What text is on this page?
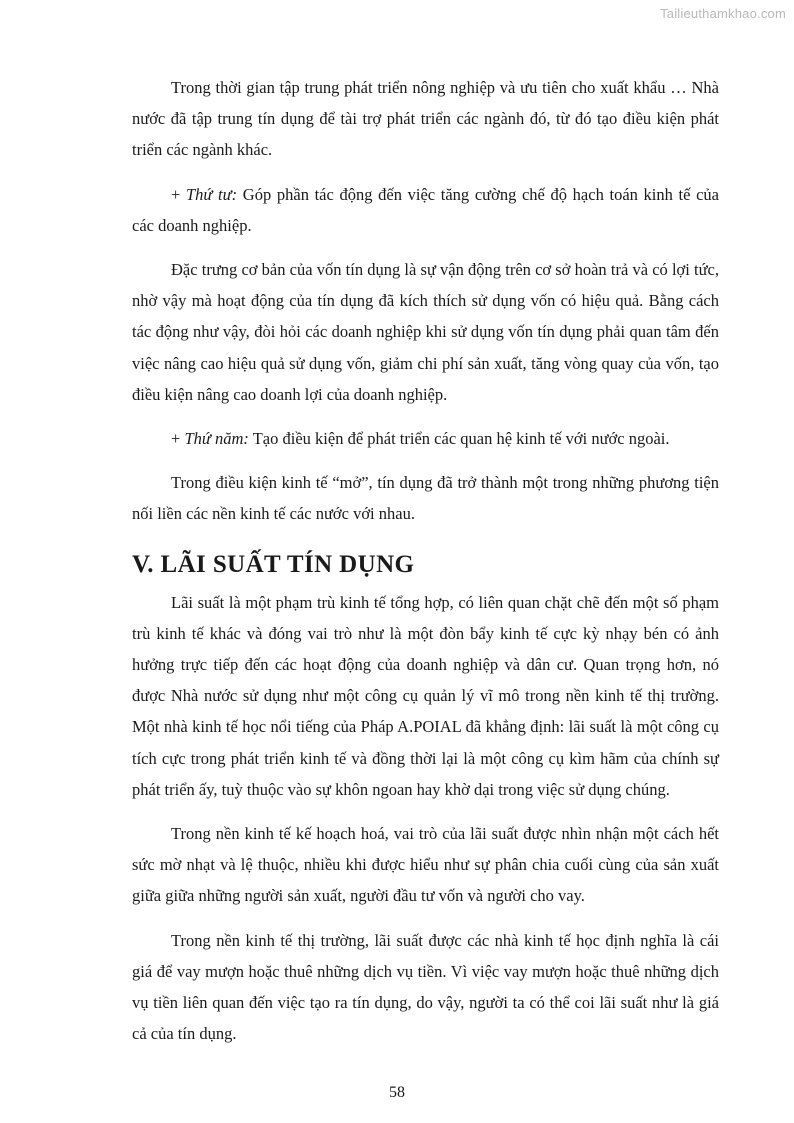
Tailieuthamkhao.com

Trong thời gian tập trung phát triển nông nghiệp và ưu tiên cho xuất khẩu … Nhà nước đã tập trung tín dụng để tài trợ phát triển các ngành đó, từ đó tạo điều kiện phát triển các ngành khác.

+ Thứ tư: Góp phần tác động đến việc tăng cường chế độ hạch toán kinh tế của các doanh nghiệp.

Đặc trưng cơ bản của vốn tín dụng là sự vận động trên cơ sở hoàn trả và có lợi tức, nhờ vậy mà hoạt động của tín dụng đã kích thích sử dụng vốn có hiệu quả. Bằng cách tác động như vậy, đòi hỏi các doanh nghiệp khi sử dụng vốn tín dụng phải quan tâm đến việc nâng cao hiệu quả sử dụng vốn, giảm chi phí sản xuất, tăng vòng quay của vốn, tạo điều kiện nâng cao doanh lợi của doanh nghiệp.

+ Thứ năm: Tạo điều kiện để phát triển các quan hệ kinh tế với nước ngoài.

Trong điều kiện kinh tế “mở”, tín dụng đã trở thành một trong những phương tiện nối liền các nền kinh tế các nước với nhau.

V. LÃI SUẤT TÍN DỤNG

Lãi suất là một phạm trù kinh tế tổng hợp, có liên quan chặt chẽ đến một số phạm trù kinh tế khác và đóng vai trò như là một đòn bẩy kinh tế cực kỳ nhạy bén có ảnh hưởng trực tiếp đến các hoạt động của doanh nghiệp và dân cư. Quan trọng hơn, nó được Nhà nước sử dụng như một công cụ quản lý vĩ mô trong nền kinh tế thị trường. Một nhà kinh tế học nổi tiếng của Pháp A.POIAL đã khẳng định: lãi suất là một công cụ tích cực trong phát triển kinh tế và đồng thời lại là một công cụ kìm hãm của chính sự phát triển ấy, tuỳ thuộc vào sự khôn ngoan hay khờ dại trong việc sử dụng chúng.

Trong nền kinh tế kế hoạch hoá, vai trò của lãi suất được nhìn nhận một cách hết sức mờ nhạt và lệ thuộc, nhiều khi được hiểu như sự phân chia cuối cùng của sản xuất giữa giữa những người sản xuất, người đầu tư vốn và người cho vay.

Trong nền kinh tế thị trường, lãi suất được các nhà kinh tế học định nghĩa là cái giá để vay mượn hoặc thuê những dịch vụ tiền. Vì việc vay mượn hoặc thuê những dịch vụ tiền liên quan đến việc tạo ra tín dụng, do vậy, người ta có thể coi lãi suất như là giá cả của tín dụng.

58
